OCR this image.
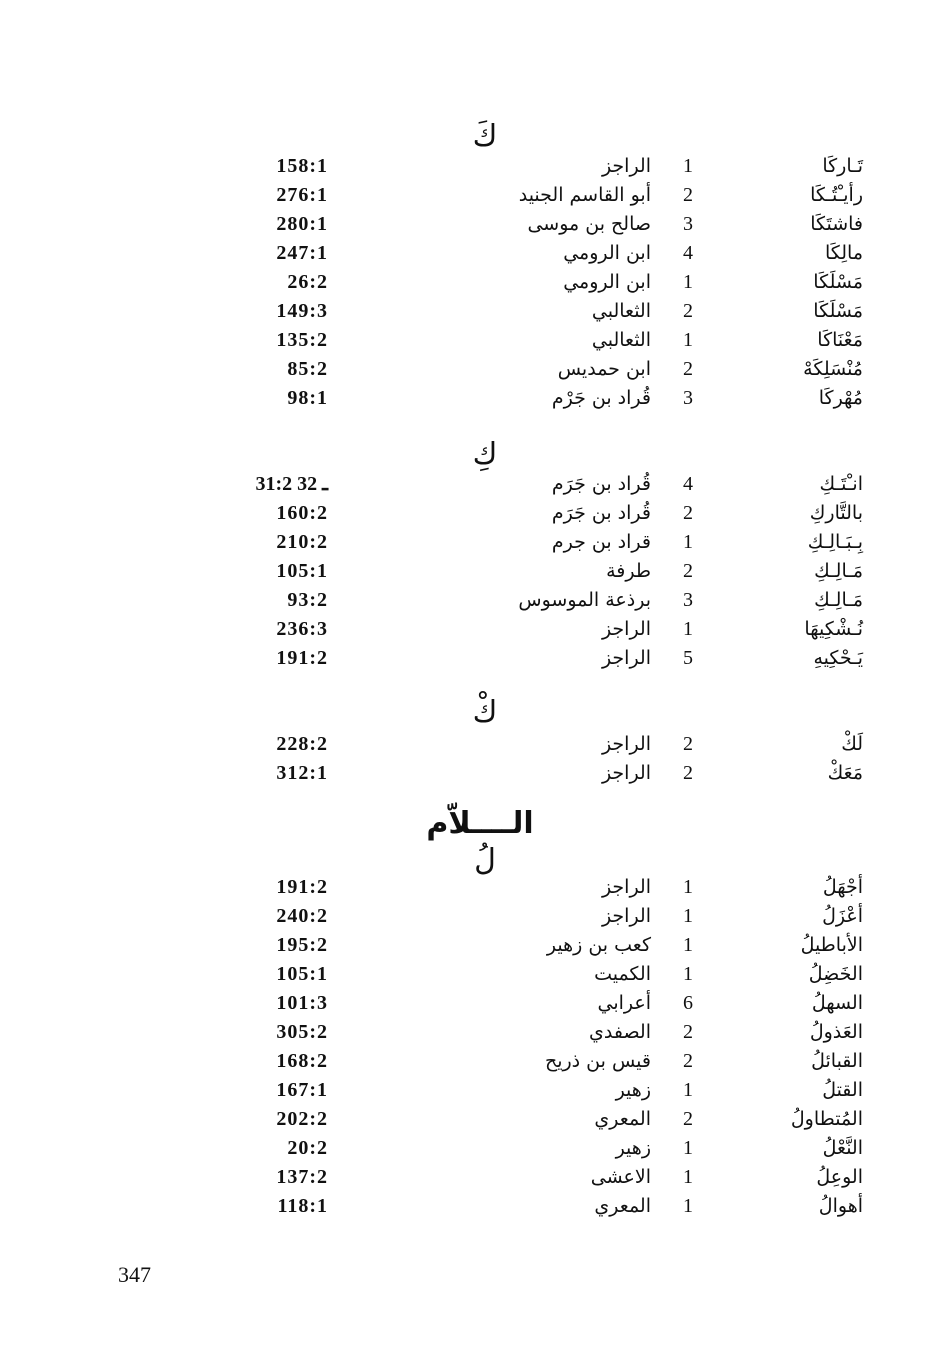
كَ
تَـاركَا
1
الراجز
158:1
رأيـْتُـكَا
2
أبو القاسم الجنيد
276:1
فاشتَكَا
3
صالح بن موسى
280:1
مالِكَا
4
ابن الرومي
247:1
مَسْلَكَا
1
ابن الرومي
26:2
مَسْلَكَا
2
الثعالبي
149:3
مَعْنَاكَا
1
الثعالبي
135:2
مُنْسَلِكَهْ
2
ابن حمديس
85:2
مُهْركَا
3
قُراد بن جَرْم
98:1
كِ
انـْتَـكِ
4
قُراد بن جَرَم
31:2 ـ 32
بالتَّاركِ
2
قُراد بن جَرَم
160:2
بِـبَـالِـكِ
1
قراد بن جرم
210:2
مَـالِـكِ
2
طرفة
105:1
مَـالِـكِ
3
برذعة الموسوس
93:2
نُـشْكِيهَا
1
الراجز
236:3
يَـحْكِيهِ
5
الراجز
191:2
كْ
لَكْ
2
الراجز
228:2
مَعَكْ
2
الراجز
312:1
الــــلاّم
لُ
أجْهَلُ
1
الراجز
191:2
أعْزَلُ
1
الراجز
240:2
الأباطيلُ
1
كعب بن زهير
195:2
الخَضِلُ
1
الكميت
105:1
السهلُ
6
أعرابي
101:3
العَذولُ
2
الصفدي
305:2
القبائلُ
2
قيس بن ذريح
168:2
القتلُ
1
زهير
167:1
المُتطاولُ
2
المعري
202:2
النَّعْلُ
1
زهير
20:2
الوعِلُ
1
الاعشى
137:2
أهوالُ
1
المعري
118:1
347
